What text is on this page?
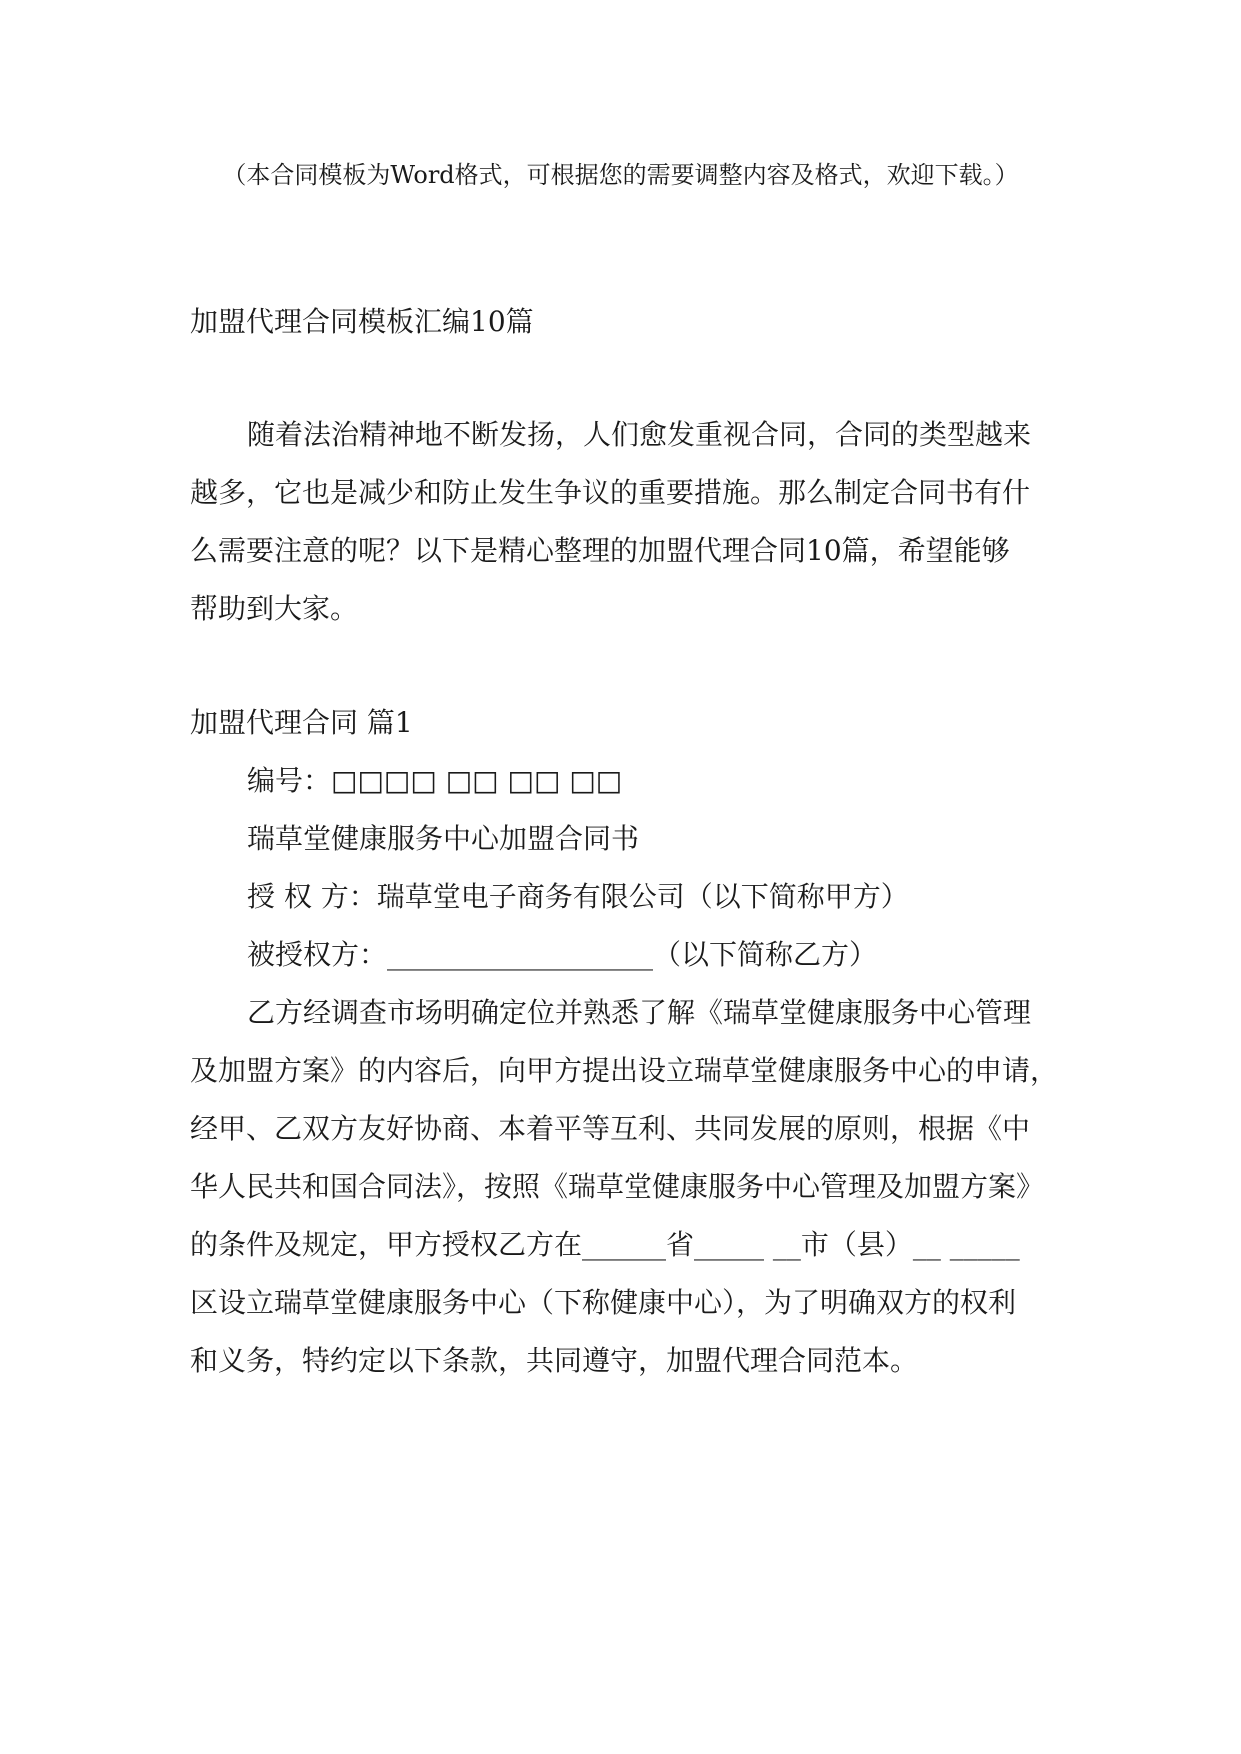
（本合同模板为Word格式，可根据您的需要调整内容及格式，欢迎下载。）
加盟代理合同模板汇编10篇
随着法治精神地不断发扬，人们愈发重视合同，合同的类型越来
越多，它也是减少和防止发生争议的重要措施。那么制定合同书有什
么需要注意的呢？以下是精心整理的加盟代理合同10篇，希望能够
帮助到大家。
加盟代理合同 篇1
编号：□□□□ □□ □□ □□
瑞草堂健康服务中心加盟合同书
授 权 方：瑞草堂电子商务有限公司（以下简称甲方）
被授权方：___________________（以下简称乙方）
乙方经调查市场明确定位并熟悉了解《瑞草堂健康服务中心管理
及加盟方案》的内容后，向甲方提出设立瑞草堂健康服务中心的申请，
经甲、乙双方友好协商、本着平等互利、共同发展的原则，根据《中
华人民共和国合同法》，按照《瑞草堂健康服务中心管理及加盟方案》
的条件及规定，甲方授权乙方在______省_____ __市（县）__ _____
区设立瑞草堂健康服务中心（下称健康中心），为了明确双方的权利
和义务，特约定以下条款，共同遵守，加盟代理合同范本。
